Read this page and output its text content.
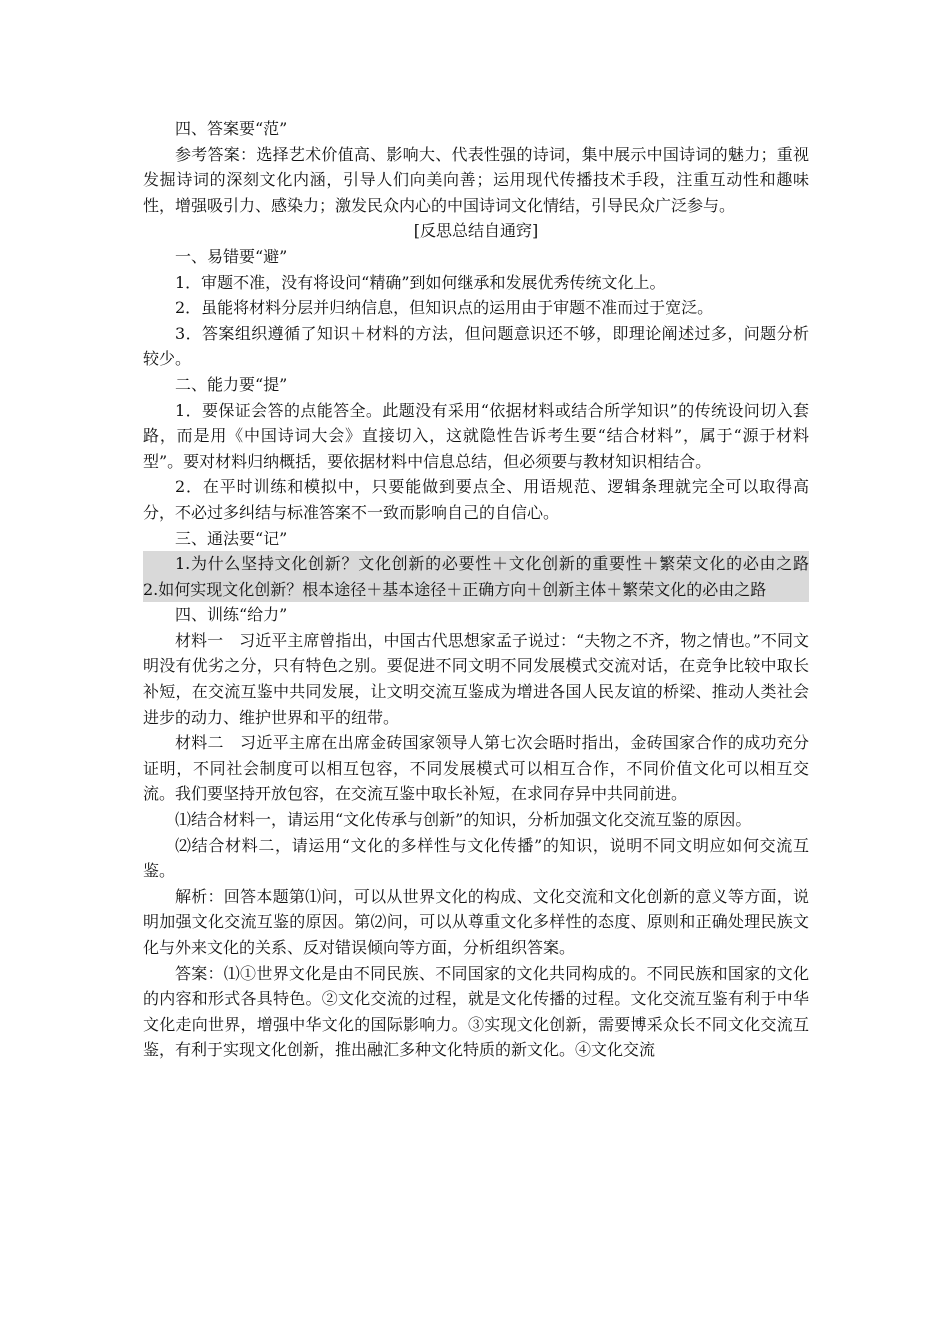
四、答案要“范”

参考答案：选择艺术价值高、影响大、代表性强的诗词，集中展示中国诗词的魅力；重视发掘诗词的深刻文化内涵，引导人们向美向善；运用现代传播技术手段，注重互动性和趣味性，增强吸引力、感染力；激发民众内心的中国诗词文化情结，引导民众广泛参与。

[反思总结自通窍]

一、易错要“避”

1．审题不准，没有将设问“精确”到如何继承和发展优秀传统文化上。

2．虽能将材料分层并归纳信息，但知识点的运用由于审题不准而过于宽泛。

3．答案组织遵循了知识＋材料的方法，但问题意识还不够，即理论阐述过多，问题分析较少。

二、能力要“提”

1．要保证会答的点能答全。此题没有采用“依据材料或结合所学知识”的传统设问切入套路，而是用《中国诗词大会》直接切入，这就隐性告诉考生要“结合材料”，属于“源于材料型”。要对材料归纳概括，要依据材料中信息总结，但必须要与教材知识相结合。

2．在平时训练和模拟中，只要能做到要点全、用语规范、逻辑条理就完全可以取得高分，不必过多纠结与标准答案不一致而影响自己的自信心。

三、通法要“记”

1.为什么坚持文化创新？文化创新的必要性＋文化创新的重要性＋繁荣文化的必由之路　2.如何实现文化创新？根本途径＋基本途径＋正确方向＋创新主体＋繁荣文化的必由之路

四、训练“给力”

材料一　习近平主席曾指出，中国古代思想家孟子说过：“夫物之不齐，物之情也。”不同文明没有优劣之分，只有特色之别。要促进不同文明不同发展模式交流对话，在竞争比较中取长补短，在交流互鉴中共同发展，让文明交流互鉴成为增进各国人民友谊的桥梁、推动人类社会进步的动力、维护世界和平的纽带。

材料二　习近平主席在出席金砖国家领导人第七次会晤时指出，金砖国家合作的成功充分证明，不同社会制度可以相互包容，不同发展模式可以相互合作，不同价值文化可以相互交流。我们要坚持开放包容，在交流互鉴中取长补短，在求同存异中共同前进。

⑴结合材料一，请运用“文化传承与创新”的知识，分析加强文化交流互鉴的原因。

⑵结合材料二，请运用“文化的多样性与文化传播”的知识，说明不同文明应如何交流互鉴。

解析：回答本题第⑴问，可以从世界文化的构成、文化交流和文化创新的意义等方面，说明加强文化交流互鉴的原因。第⑵问，可以从尊重文化多样性的态度、原则和正确处理民族文化与外来文化的关系、反对错误倾向等方面，分析组织答案。

答案：⑴①世界文化是由不同民族、不同国家的文化共同构成的。不同民族和国家的文化的内容和形式各具特色。②文化交流的过程，就是文化传播的过程。文化交流互鉴有利于中华文化走向世界，增强中华文化的国际影响力。③实现文化创新，需要博采众长不同文化交流互鉴，有利于实现文化创新，推出融汇多种文化特质的新文化。④文化交流
